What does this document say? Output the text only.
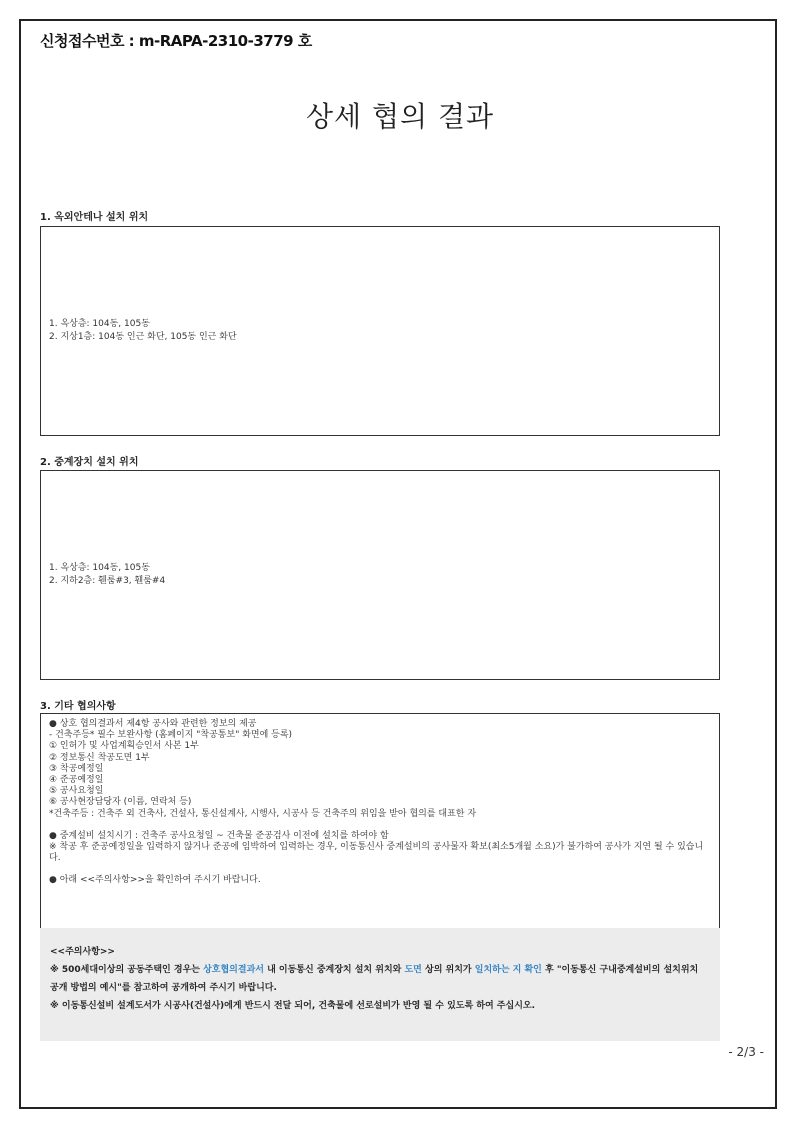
신청접수번호 : m-RAPA-2310-3779 호
상세 협의 결과
1. 옥외안테나 설치 위치
1. 옥상층: 104동, 105동
2. 지상1층: 104동 인근 화단, 105동 인근 화단
2. 중계장치 설치 위치
1. 옥상층: 104동, 105동
2. 지하2층: 휀룸#3, 휀룸#4
3. 기타 협의사항
● 상호 협의결과서 제4항 공사와 관련한 정보의 제공
- 건축주등* 필수 보완사항 (홈페이지 "착공통보" 화면에 등록)
① 인허가 및 사업계획승인서 사본 1부
② 정보통신 착공도면 1부
③ 착공예정일
④ 준공예정일
⑤ 공사요청일
⑥ 공사현장담당자 (이름, 연락처 등)
*건축주등 : 건축주 외 건축사, 건설사, 통신설계사, 시행사, 시공사 등 건축주의 위임을 받아 협의를 대표한 자
● 중계설비 설치시기 : 건축주 공사요청일 ~ 건축물 준공검사 이전에 설치를 하여야 함
※ 착공 후 준공예정일을 입력하지 않거나 준공에 임박하여 입력하는 경우, 이동통신사 중계설비의 공사물자 확보(최소5개월 소요)가 불가하여 공사가 지연 될 수 있습니다.
● 아래 <<주의사항>>을 확인하여 주시기 바랍니다.
<<주의사항>>
※ 500세대이상의 공동주택인 경우는 상호협의결과서 내 이동통신 중계장치 설치 위치와 도면 상의 위치가 일치하는 지 확인 후 "이동통신 구내중계설비의 설치위치 공개 방법의 예시"를 참고하여 공개하여 주시기 바랍니다.
※ 이동통신설비 설계도서가 시공사(건설사)에게 반드시 전달 되어, 건축물에 선로설비가 반영 될 수 있도록 하여 주십시오.
- 2/3 -
